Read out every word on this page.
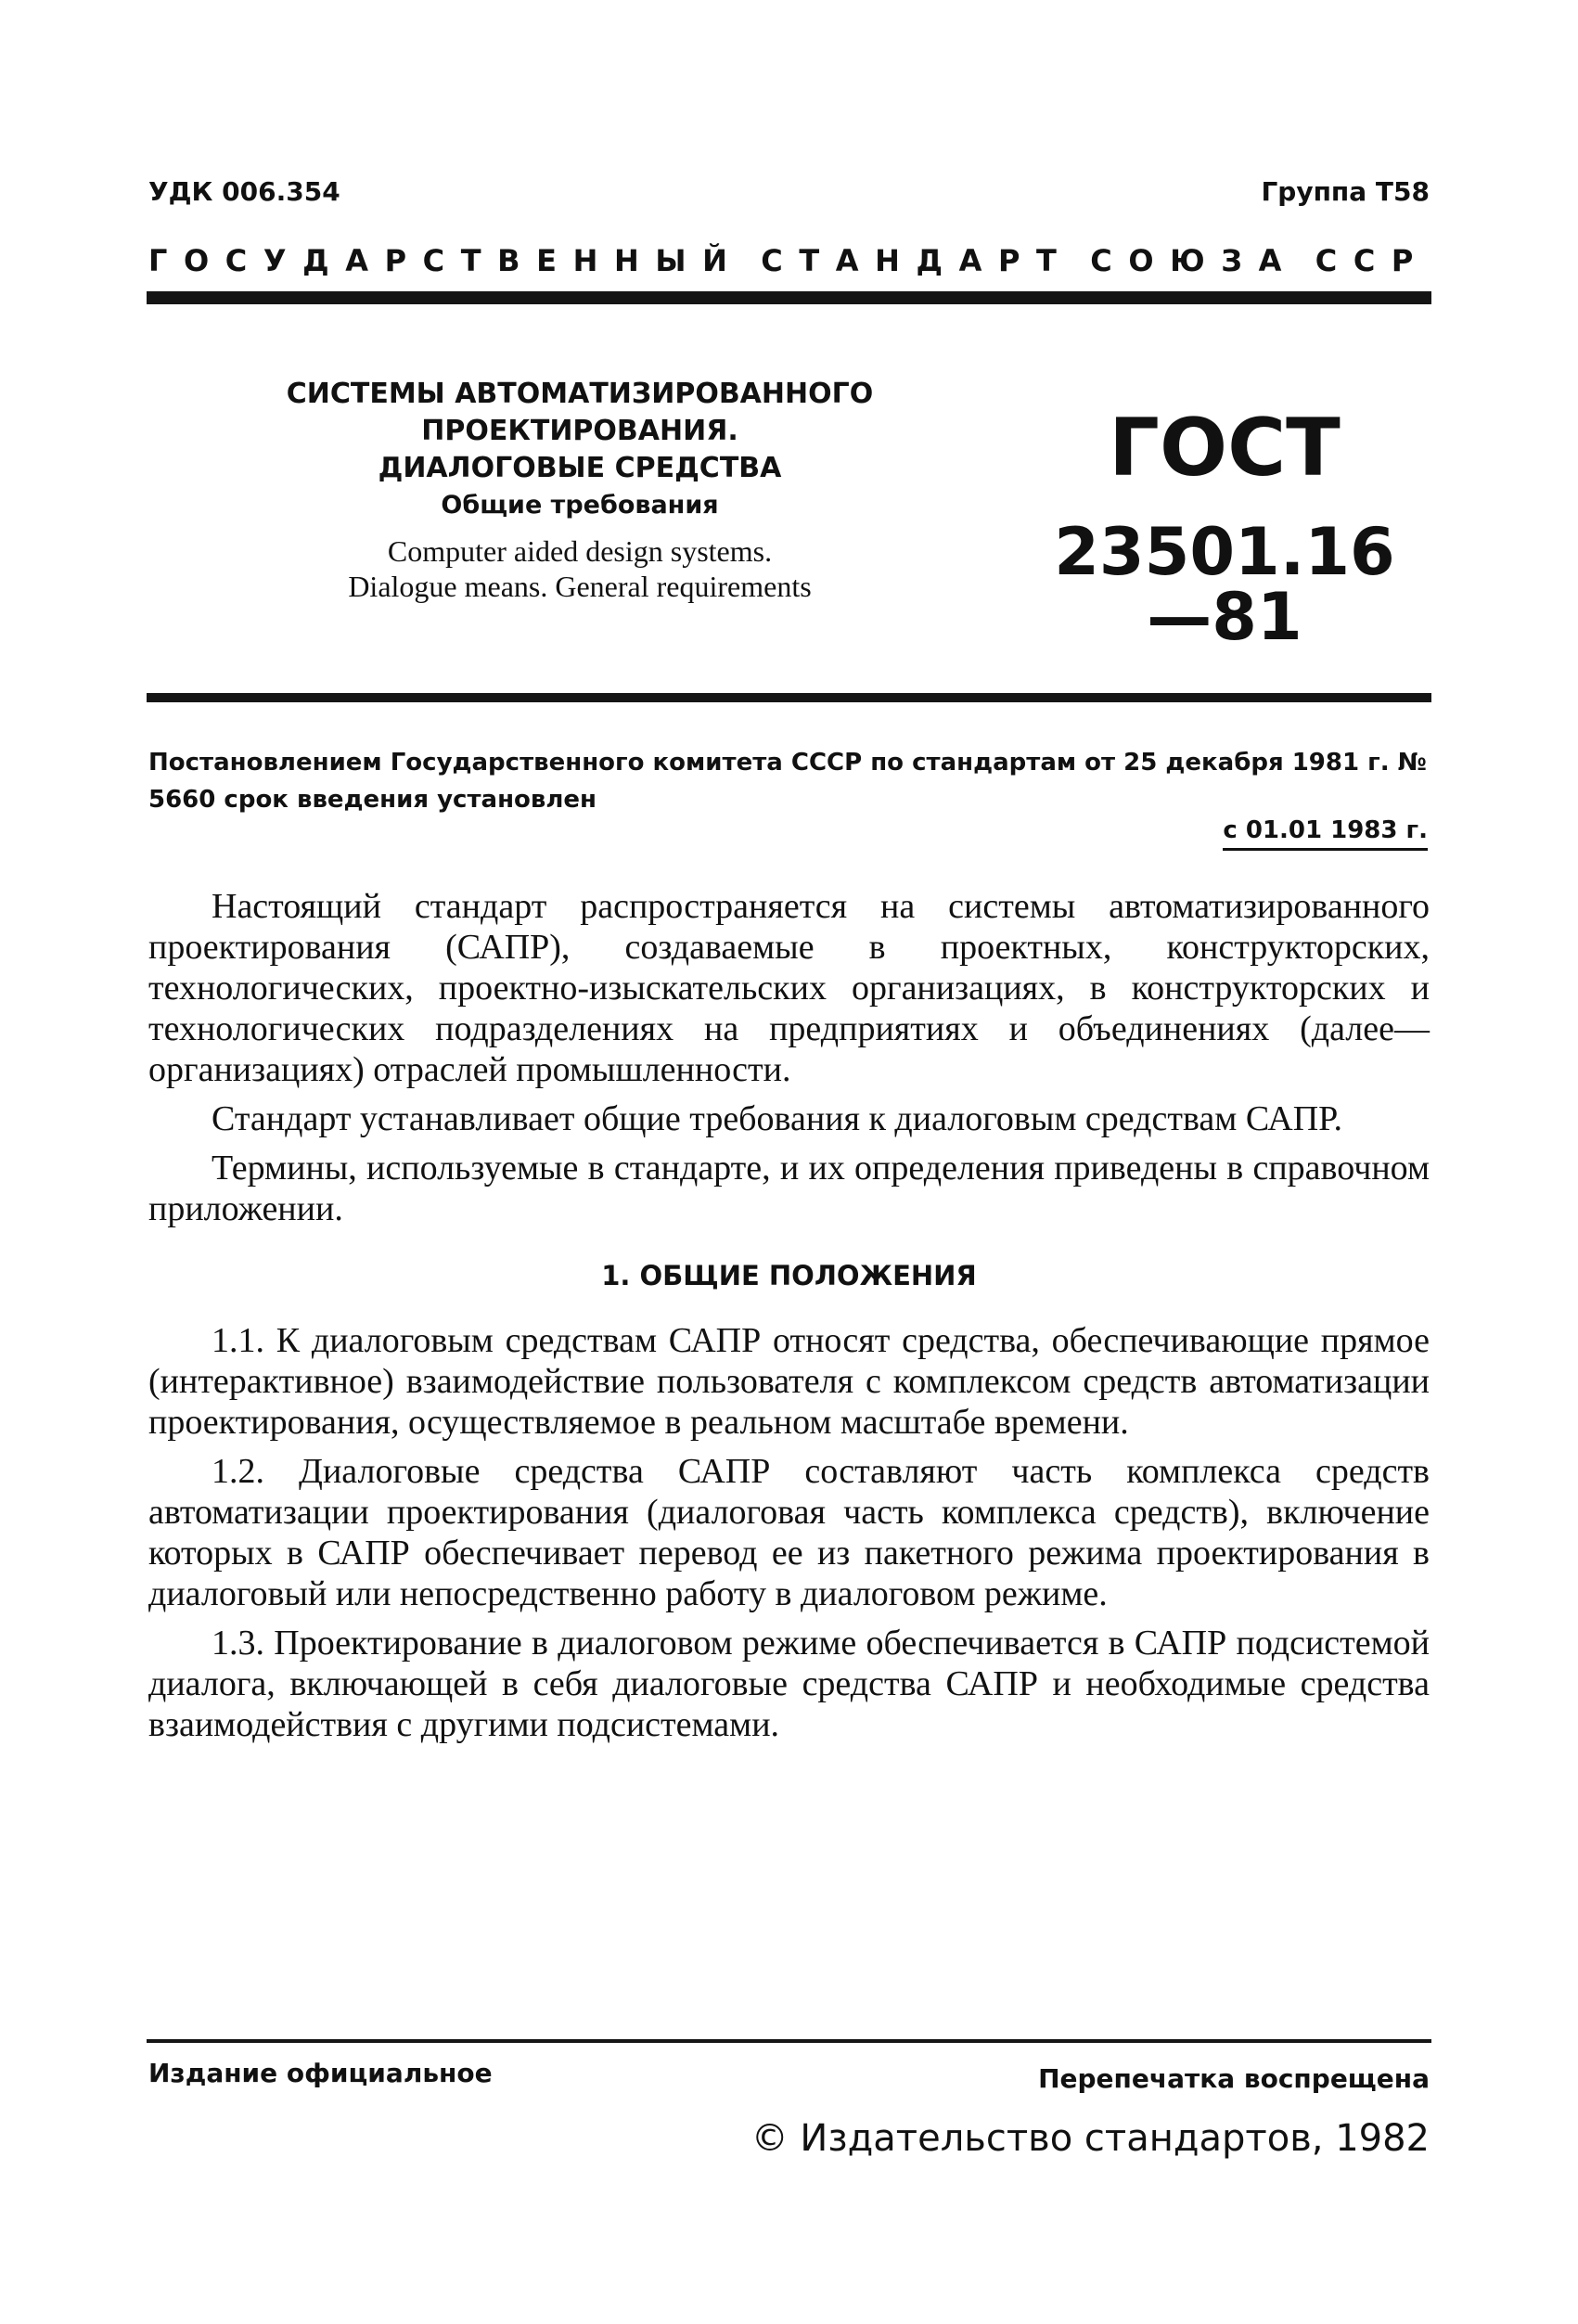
УДК 006.354	Группа Т58
ГОСУДАРСТВЕННЫЙ СТАНДАРТ СОЮЗА ССР

СИСТЕМЫ АВТОМАТИЗИРОВАННОГО

ПРОЕКТИРОВАНИЯ.

ДИАЛОГОВЫЕ СРЕДСТВА

Общие требования

Computer aided design systems.
Dialogue means. General requirements
ГОСТ
23501.16—81
Постановлением Государственного комитета СССР по стандартам от 25 декабря 1981 г. № 5660 срок введения установлен
с 01.01 1983 г.

Настоящий стандарт распространяется на системы автоматизированного проектирования (САПР), создаваемые в проектных, конструкторских, технологических, проектно-изыскательских организациях, в конструкторских и технологических подразделениях на предприятиях и объединениях (далее—организациях) отраслей промышленности.

Стандарт устанавливает общие требования к диалоговым средствам САПР.

Термины, используемые в стандарте, и их определения приведены в справочном приложении.

1. ОБЩИЕ ПОЛОЖЕНИЯ

1.1. К диалоговым средствам САПР относят средства, обеспечивающие прямое (интерактивное) взаимодействие пользователя с комплексом средств автоматизации проектирования, осуществляемое в реальном масштабе времени.

1.2. Диалоговые средства САПР составляют часть комплекса средств автоматизации проектирования (диалоговая часть комплекса средств), включение которых в САПР обеспечивает перевод ее из пакетного режима проектирования в диалоговый или непосредственно работу в диалоговом режиме.

1.3. Проектирование в диалоговом режиме обеспечивается в САПР подсистемой диалога, включающей в себя диалоговые средства САПР и необходимые средства взаимодействия с другими подсистемами.

Издание официальное	Перепечатка воспрещена
© Издательство стандартов, 1982
